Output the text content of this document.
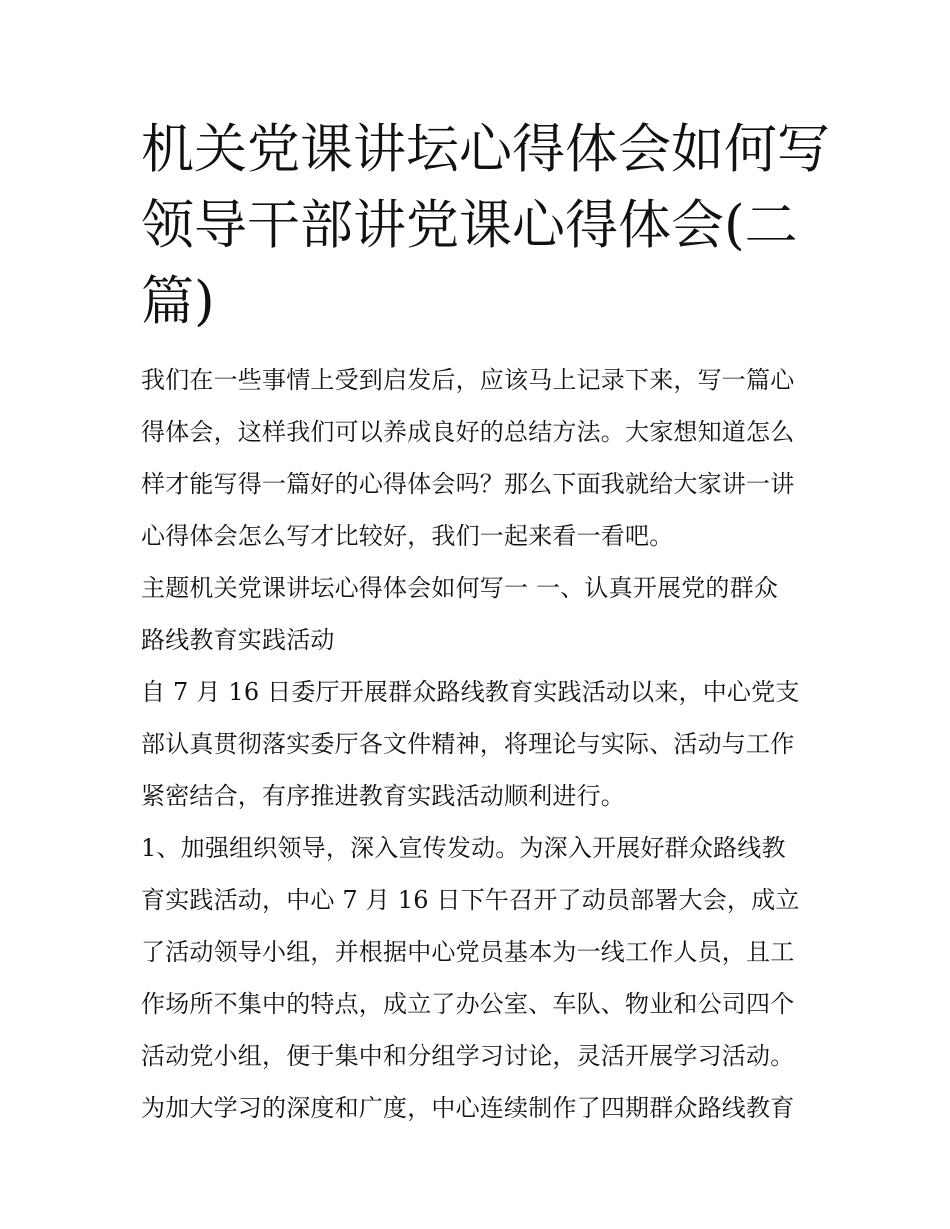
机关党课讲坛心得体会如何写
领导干部讲党课心得体会(二
篇)

我们在一些事情上受到启发后，应该马上记录下来，写一篇心
得体会，这样我们可以养成良好的总结方法。大家想知道怎么
样才能写得一篇好的心得体会吗？那么下面我就给大家讲一讲
心得体会怎么写才比较好，我们一起来看一看吧。

主题机关党课讲坛心得体会如何写一 一、认真开展党的群众
路线教育实践活动

自 7 月 16 日委厅开展群众路线教育实践活动以来，中心党支
部认真贯彻落实委厅各文件精神，将理论与实际、活动与工作
紧密结合，有序推进教育实践活动顺利进行。

1、加强组织领导，深入宣传发动。为深入开展好群众路线教
育实践活动，中心 7 月 16 日下午召开了动员部署大会，成立
了活动领导小组，并根据中心党员基本为一线工作人员，且工
作场所不集中的特点，成立了办公室、车队、物业和公司四个
活动党小组，便于集中和分组学习讨论，灵活开展学习活动。
为加大学习的深度和广度，中心连续制作了四期群众路线教育
